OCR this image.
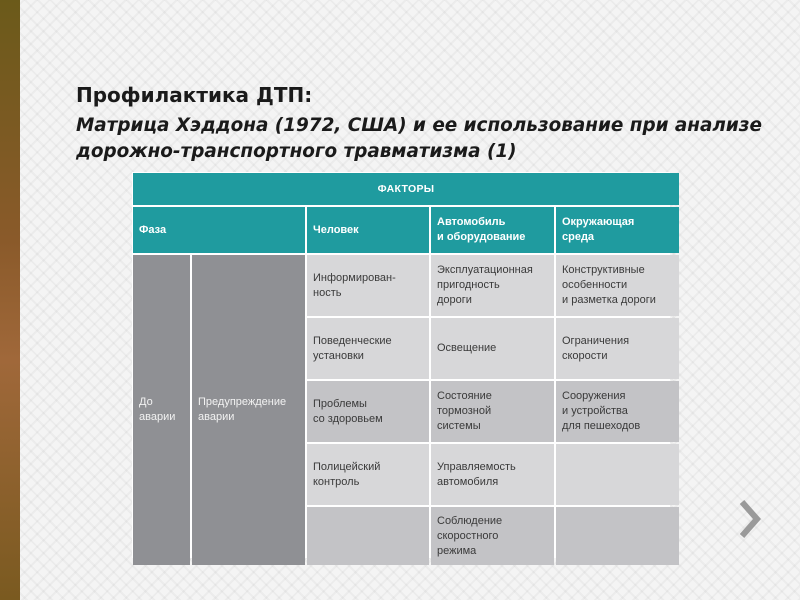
Профилактика ДТП:
Матрица Хэддона (1972, США) и ее использование при анализе дорожно-транспортного травматизма (1)
ФАКТОРЫ
Фаза	Человек
Автомобиль
и оборудование
Окружающая
среда
До
аварии
Предупреждение
аварии
Информирован-
ность
Эксплуатационная
пригодность
дороги
Конструктивные
особенности
и разметка дороги
Поведенческие
установки
Освещение
Ограничения
скорости
Проблемы
со здоровьем
Состояние
тормозной
системы
Сооружения
и устройства
для пешеходов
Полицейский
контроль
Управляемость
автомобиля
Соблюдение
скоростного
режима
